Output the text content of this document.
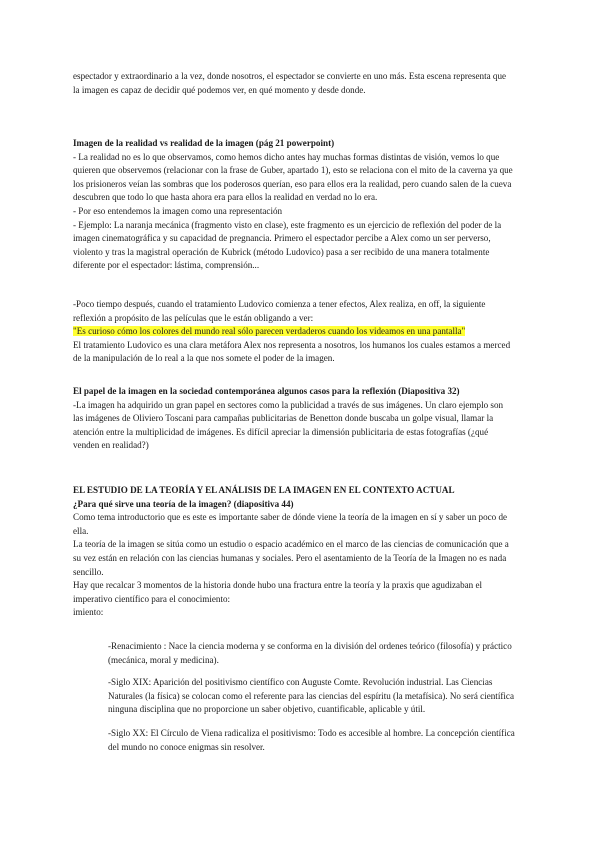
espectador y extraordinario a la vez, donde nosotros, el espectador se convierte en uno más. Esta escena representa que
la imagen es capaz de decidir qué podemos ver, en qué momento y desde donde.
Imagen de la realidad vs realidad de la imagen (pág 21 powerpoint)
- La realidad no es lo que observamos, como hemos dicho antes hay muchas formas distintas de visión, vemos lo que
quieren que observemos (relacionar con la frase de Guber, apartado 1), esto se relaciona con el mito de la caverna ya que
los prisioneros veían las sombras que los poderosos querían, eso para ellos era la realidad, pero cuando salen de la cueva
descubren que todo lo que hasta ahora era para ellos la realidad en verdad no lo era.
- Por eso entendemos la imagen como una representación
- Ejemplo: La naranja mecánica (fragmento visto en clase), este fragmento es un ejercicio de reflexión del poder de la
imagen cinematográfica y su capacidad de pregnancia. Primero el espectador percibe a Alex como un ser perverso,
violento y tras la magistral operación de Kubrick (método Ludovico) pasa a ser recibido de una manera totalmente
diferente por el espectador: lástima, comprensión...
-Poco tiempo después, cuando el tratamiento Ludovico comienza a tener efectos, Alex realiza, en off, la siguiente
reflexión a propósito de las películas que le están obligando a ver:
"Es curioso cómo los colores del mundo real sólo parecen verdaderos cuando los videamos en una pantalla"
El tratamiento Ludovico es una clara metáfora Alex nos representa a nosotros, los humanos los cuales estamos a merced
de la manipulación de lo real a la que nos somete el poder de la imagen.
El papel de la imagen en la sociedad contemporánea algunos casos para la reflexión (Diapositiva 32)
-La imagen ha adquirido un gran papel en sectores como la publicidad a través de sus imágenes. Un claro ejemplo son
las imágenes de Oliviero Toscani para campañas publicitarias de Benetton donde buscaba un golpe visual, llamar la
atención entre la multiplicidad de imágenes. Es difícil apreciar la dimensión publicitaria de estas fotografías (¿qué
venden en realidad?)
EL ESTUDIO DE LA TEORÍA Y EL ANÁLISIS DE LA IMAGEN EN EL CONTEXTO ACTUAL
¿Para qué sirve una teoría de la imagen? (diapositiva 44)
Como tema introductorio que es este es importante saber de dónde viene la teoría de la imagen en sí y saber un poco de
ella.
La teoría de la imagen se sitúa como un estudio o espacio académico en el marco de las ciencias de comunicación que a
su vez están en relación con las ciencias humanas y sociales. Pero el asentamiento de la Teoría de la Imagen no es nada
sencillo.
Hay que recalcar 3 momentos de la historia donde hubo una fractura entre la teoría y la praxis que agudizaban el
imperativo científico para el conocimiento:
imiento:
-Renacimiento : Nace la ciencia moderna y se conforma en la división del ordenes teórico (filosofía) y práctico
(mecánica, moral y medicina).
-Siglo XIX: Aparición del positivismo científico con Auguste Comte. Revolución industrial. Las Ciencias
Naturales (la física) se colocan como el referente para las ciencias del espíritu (la metafísica). No será científica
ninguna disciplina que no proporcione un saber objetivo, cuantificable, aplicable y útil.
-Siglo XX: El Círculo de Viena radicaliza el positivismo: Todo es accesible al hombre. La concepción científica
del mundo no conoce enigmas sin resolver.
